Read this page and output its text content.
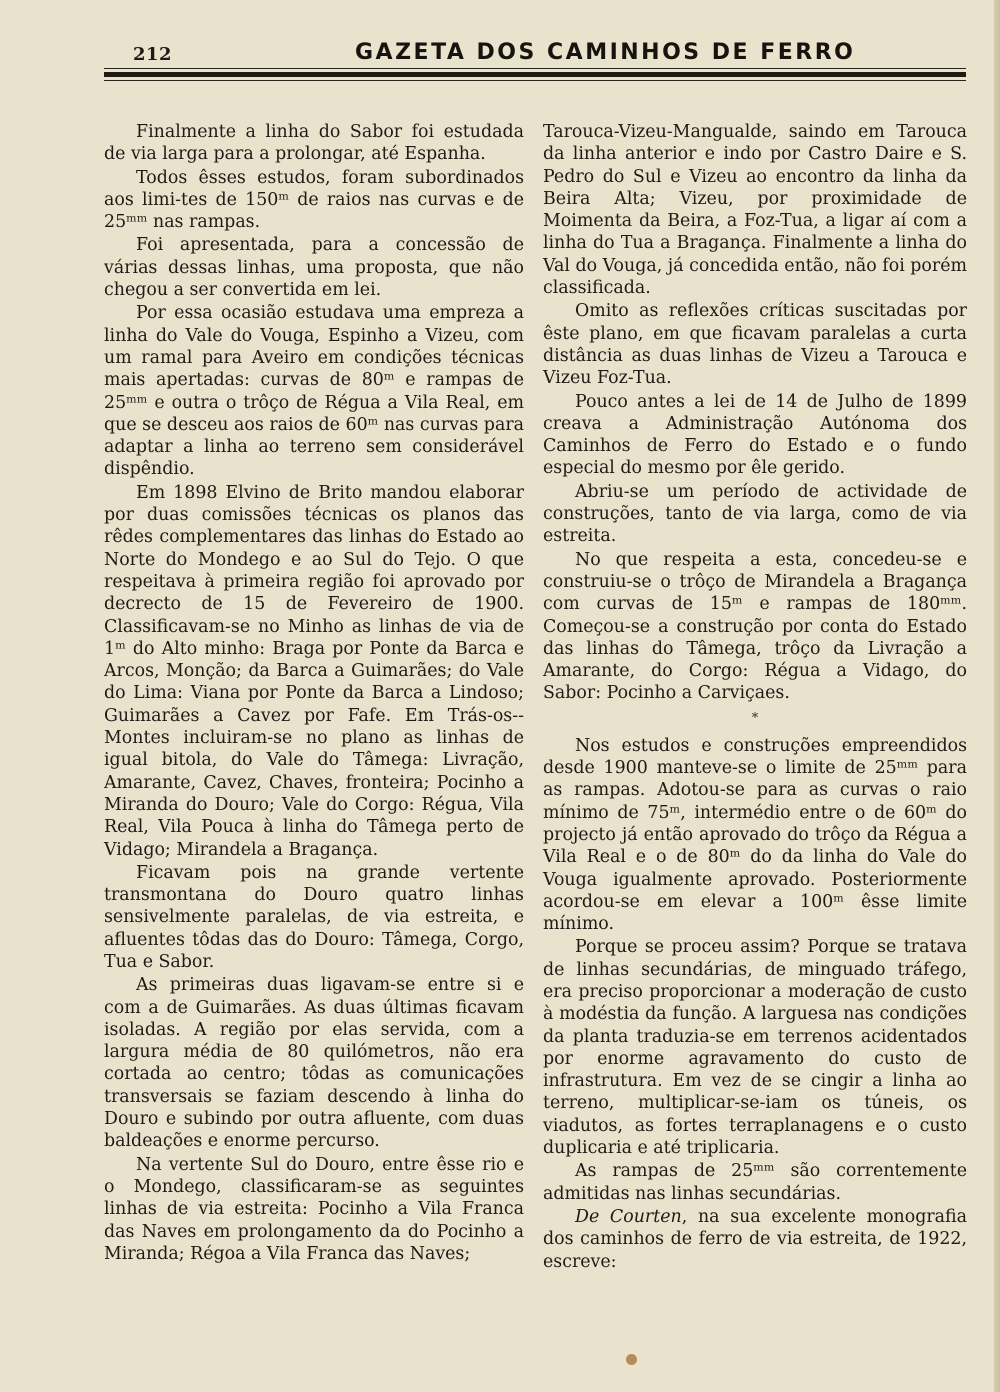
212	GAZETA DOS CAMINHOS DE FERRO

Finalmente a linha do Sabor foi estudada de via larga para a prolongar, até Espanha.

Todos êsses estudos, foram subordinados aos limi-tes de 150ᵐ de raios nas curvas e de 25ᵐᵐ nas rampas.

Foi apresentada, para a concessão de várias dessas linhas, uma proposta, que não chegou a ser convertida em lei.

Por essa ocasião estudava uma empreza a linha do Vale do Vouga, Espinho a Vizeu, com um ramal para Aveiro em condições técnicas mais apertadas: curvas de 80ᵐ e rampas de 25ᵐᵐ e outra o trôço de Régua a Vila Real, em que se desceu aos raios de 60ᵐ nas curvas para adaptar a linha ao terreno sem considerável dispêndio.

Em 1898 Elvino de Brito mandou elaborar por duas comissões técnicas os planos das rêdes complementares das linhas do Estado ao Norte do Mondego e ao Sul do Tejo. O que respeitava à primeira região foi aprovado por decrecto de 15 de Fevereiro de 1900. Classificavam-se no Minho as linhas de via de 1ᵐ do Alto minho: Braga por Ponte da Barca e Arcos, Monção; da Barca a Guimarães; do Vale do Lima: Viana por Ponte da Barca a Lindoso; Guimarães a Cavez por Fafe. Em Trás-os--Montes incluiram-se no plano as linhas de igual bitola, do Vale do Tâmega: Livração, Amarante, Cavez, Chaves, fronteira; Pocinho a Miranda do Douro; Vale do Corgo: Régua, Vila Real, Vila Pouca à linha do Tâmega perto de Vidago; Mirandela a Bragança.

Ficavam pois na grande vertente transmontana do Douro quatro linhas sensivelmente paralelas, de via estreita, e afluentes tôdas das do Douro: Tâmega, Corgo, Tua e Sabor.

As primeiras duas ligavam-se entre si e com a de Guimarães. As duas últimas ficavam isoladas. A região por elas servida, com a largura média de 80 quilómetros, não era cortada ao centro; tôdas as comunicações transversais se faziam descendo à linha do Douro e subindo por outra afluente, com duas baldeações e enorme percurso.

Na vertente Sul do Douro, entre êsse rio e o Mondego, classificaram-se as seguintes linhas de via estreita: Pocinho a Vila Franca das Naves em prolongamento da do Pocinho a Miranda; Régoa a Vila Franca das Naves;

Tarouca-Vizeu-Mangualde, saindo em Tarouca da linha anterior e indo por Castro Daire e S. Pedro do Sul e Vizeu ao encontro da linha da Beira Alta; Vizeu, por proximidade de Moimenta da Beira, a Foz-Tua, a ligar aí com a linha do Tua a Bragança. Finalmente a linha do Val do Vouga, já concedida então, não foi porém classificada.

Omito as reflexões críticas suscitadas por êste plano, em que ficavam paralelas a curta distância as duas linhas de Vizeu a Tarouca e Vizeu Foz-Tua.

Pouco antes a lei de 14 de Julho de 1899 creava a Administração Autónoma dos Caminhos de Ferro do Estado e o fundo especial do mesmo por êle gerido.

Abriu-se um período de actividade de construções, tanto de via larga, como de via estreita.

No que respeita a esta, concedeu-se e construiu-se o trôço de Mirandela a Bragança com curvas de 15ᵐ e rampas de 180ᵐᵐ. Começou-se a construção por conta do Estado das linhas do Tâmega, trôço da Livração a Amarante, do Corgo: Régua a Vidago, do Sabor: Pocinho a Carviçaes.

*

Nos estudos e construções empreendidos desde 1900 manteve-se o limite de 25ᵐᵐ para as rampas. Adotou-se para as curvas o raio mínimo de 75ᵐ, intermédio entre o de 60ᵐ do projecto já então aprovado do trôço da Régua a Vila Real e o de 80ᵐ do da linha do Vale do Vouga igualmente aprovado. Posteriormente acordou-se em elevar a 100ᵐ êsse limite mínimo.

Porque se proceu assim? Porque se tratava de linhas secundárias, de minguado tráfego, era preciso proporcionar a moderação de custo à modéstia da função. A larguesa nas condições da planta traduzia-se em terrenos acidentados por enorme agravamento do custo de infrastrutura. Em vez de se cingir a linha ao terreno, multiplicar-se-iam os túneis, os viadutos, as fortes terraplanagens e o custo duplicaria e até triplicaria.

As rampas de 25ᵐᵐ são correntemente admitidas nas linhas secundárias.

De Courten, na sua excelente monografia dos caminhos de ferro de via estreita, de 1922, escreve:
